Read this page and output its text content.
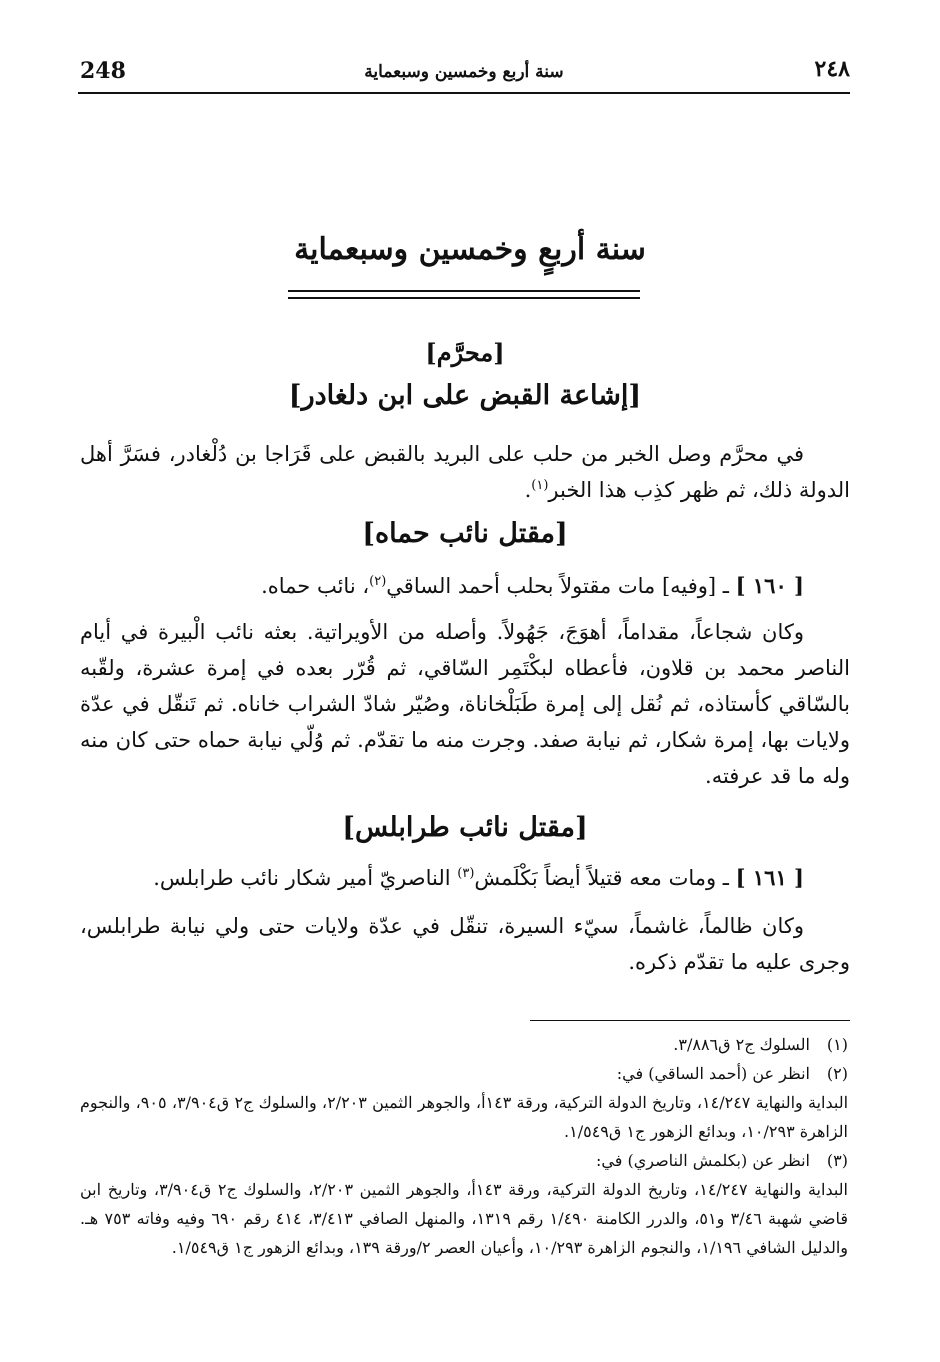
248	سنة أربع وخمسين وسبعماية	٢٤٨
سنة أربعٍ وخمسين وسبعماية
[محرَّم]
[إشاعة القبض على ابن دلغادر]
في محرَّم وصل الخبر من حلب على البريد بالقبض على قَرَاجا بن دُلْغادر، فسَرَّ أهل الدولة ذلك، ثم ظهر كذِب هذا الخبر$^{(١)}$.
[مقتل نائب حماه]
[ ١٦٠ ] ـ [وفيه] مات مقتولاً بحلب أحمد الساقي$^{(٢)}$، نائب حماه.
وكان شجاعاً، مقداماً، أهوَجَ، جَهُولاً. وأصله من الأويراتية. بعثه نائب الْبيرة في أيام الناصر محمد بن قلاون، فأعطاه لبكْتَمِر السّاقي، ثم قُرّر بعده في إمرة عشرة، ولقّبه بالسّاقي كأستاذه، ثم نُقل إلى إمرة طَبَلْخاناة، وصُيّر شادّ الشراب خاناه. ثم تَنقّل في عدّة ولايات بها، إمرة شكار، ثم نيابة صفد. وجرت منه ما تقدّم. ثم وُلّي نيابة حماه حتى كان منه وله ما قد عرفته.
[مقتل نائب طرابلس]
[ ١٦١ ] ـ ومات معه قتيلاً أيضاً بَكْلَمش$^{(٣)}$ الناصريّ أمير شكار نائب طرابلس.
وكان ظالماً، غاشماً، سيّء السيرة، تنقّل في عدّة ولايات حتى ولي نيابة طرابلس، وجرى عليه ما تقدّم ذكره.
(١)
السلوك ج٢ ق٣/٨٨٦.
(٢)
انظر عن (أحمد الساقي) في:
البداية والنهاية ١٤/٢٤٧، وتاريخ الدولة التركية، ورقة ١٤٣أ، والجوهر الثمين ٢/٢٠٣، والسلوك ج٢ ق٣/٩٠٤، ٩٠٥، والنجوم الزاهرة ١٠/٢٩٣، وبدائع الزهور ج١ ق١/٥٤٩.
(٣)
انظر عن (بكلمش الناصري) في:
البداية والنهاية ١٤/٢٤٧، وتاريخ الدولة التركية، ورقة ١٤٣أ، والجوهر الثمين ٢/٢٠٣، والسلوك ج٢ ق٣/٩٠٤، وتاريخ ابن قاضي شهبة ٣/٤٦ و٥١، والدرر الكامنة ١/٤٩٠ رقم ١٣١٩، والمنهل الصافي ٣/٤١٣، ٤١٤ رقم ٦٩٠ وفيه وفاته ٧٥٣ هـ. والدليل الشافي ١/١٩٦، والنجوم الزاهرة ١٠/٢٩٣، وأعيان العصر ٢/ورقة ١٣٩، وبدائع الزهور ج١ ق١/٥٤٩.
